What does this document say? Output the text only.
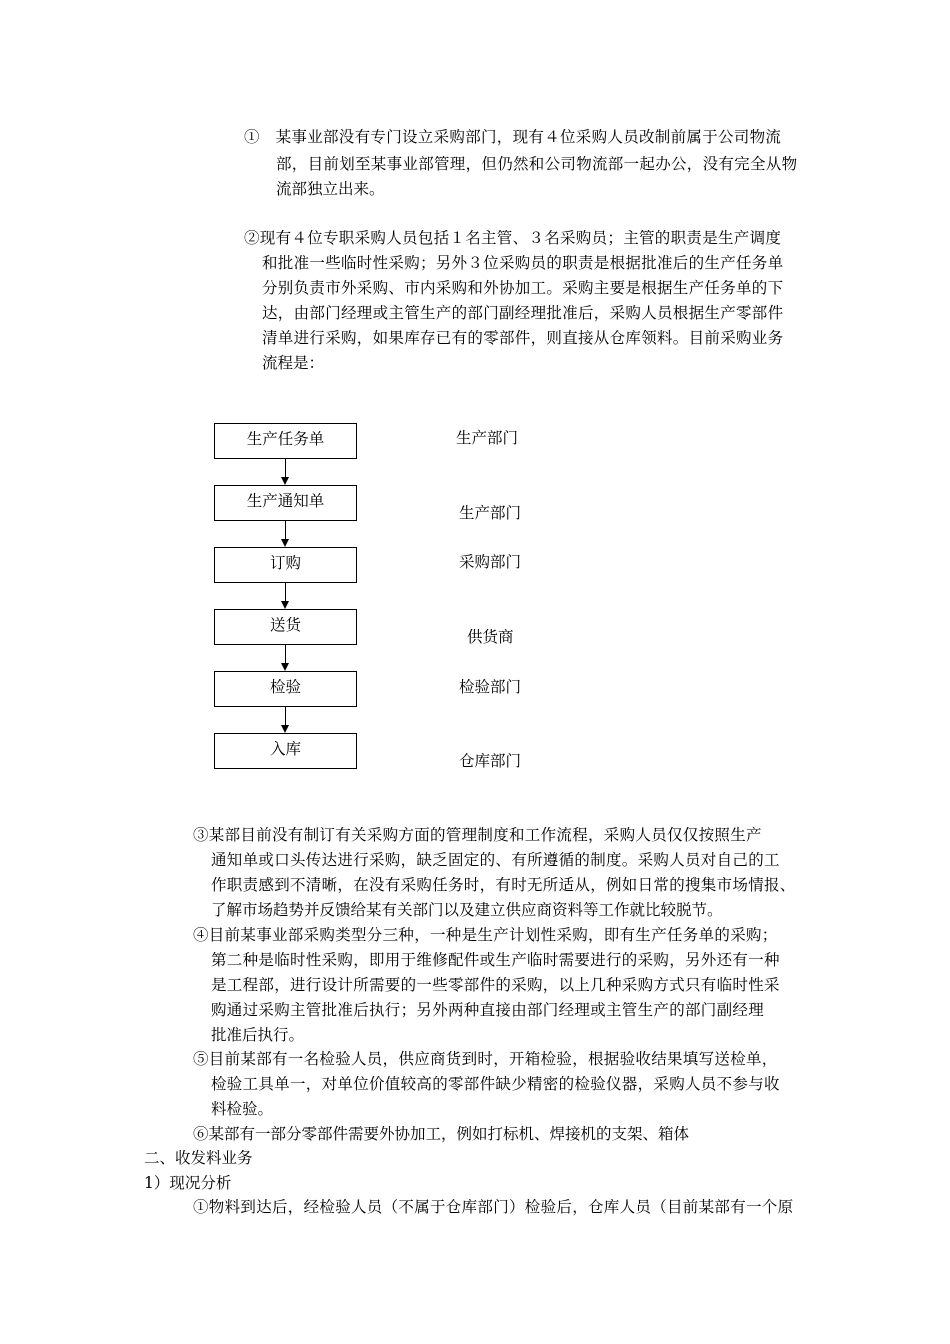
①　某事业部没有专门设立采购部门，现有４位采购人员改制前属于公司物流
部，目前划至某事业部管理，但仍然和公司物流部一起办公，没有完全从物
流部独立出来。
②现有４位专职采购人员包括１名主管、３名采购员；主管的职责是生产调度
和批准一些临时性采购；另外３位采购员的职责是根据批准后的生产任务单
分别负责市外采购、市内采购和外协加工。采购主要是根据生产任务单的下
达，由部门经理或主管生产的部门副经理批准后，采购人员根据生产零部件
清单进行采购，如果库存已有的零部件，则直接从仓库领料。目前采购业务
流程是：
生产任务单
生产通知单
订购
送货
检验
入库
生产部门
生产部门
采购部门
供货商
检验部门
仓库部门
③某部目前没有制订有关采购方面的管理制度和工作流程，采购人员仅仅按照生产
通知单或口头传达进行采购，缺乏固定的、有所遵循的制度。采购人员对自己的工
作职责感到不清晰，在没有采购任务时，有时无所适从，例如日常的搜集市场情报、
了解市场趋势并反馈给某有关部门以及建立供应商资料等工作就比较脱节。
④目前某事业部采购类型分三种，一种是生产计划性采购，即有生产任务单的采购；
第二种是临时性采购，即用于维修配件或生产临时需要进行的采购，另外还有一种
是工程部，进行设计所需要的一些零部件的采购，以上几种采购方式只有临时性采
购通过采购主管批准后执行；另外两种直接由部门经理或主管生产的部门副经理
批准后执行。
⑤目前某部有一名检验人员，供应商货到时，开箱检验，根据验收结果填写送检单，
检验工具单一，对单位价值较高的零部件缺少精密的检验仪器，采购人员不参与收
料检验。
⑥某部有一部分零部件需要外协加工，例如打标机、焊接机的支架、箱体
二、收发料业务
1）现况分析
①物料到达后，经检验人员（不属于仓库部门）检验后，仓库人员（目前某部有一个原
